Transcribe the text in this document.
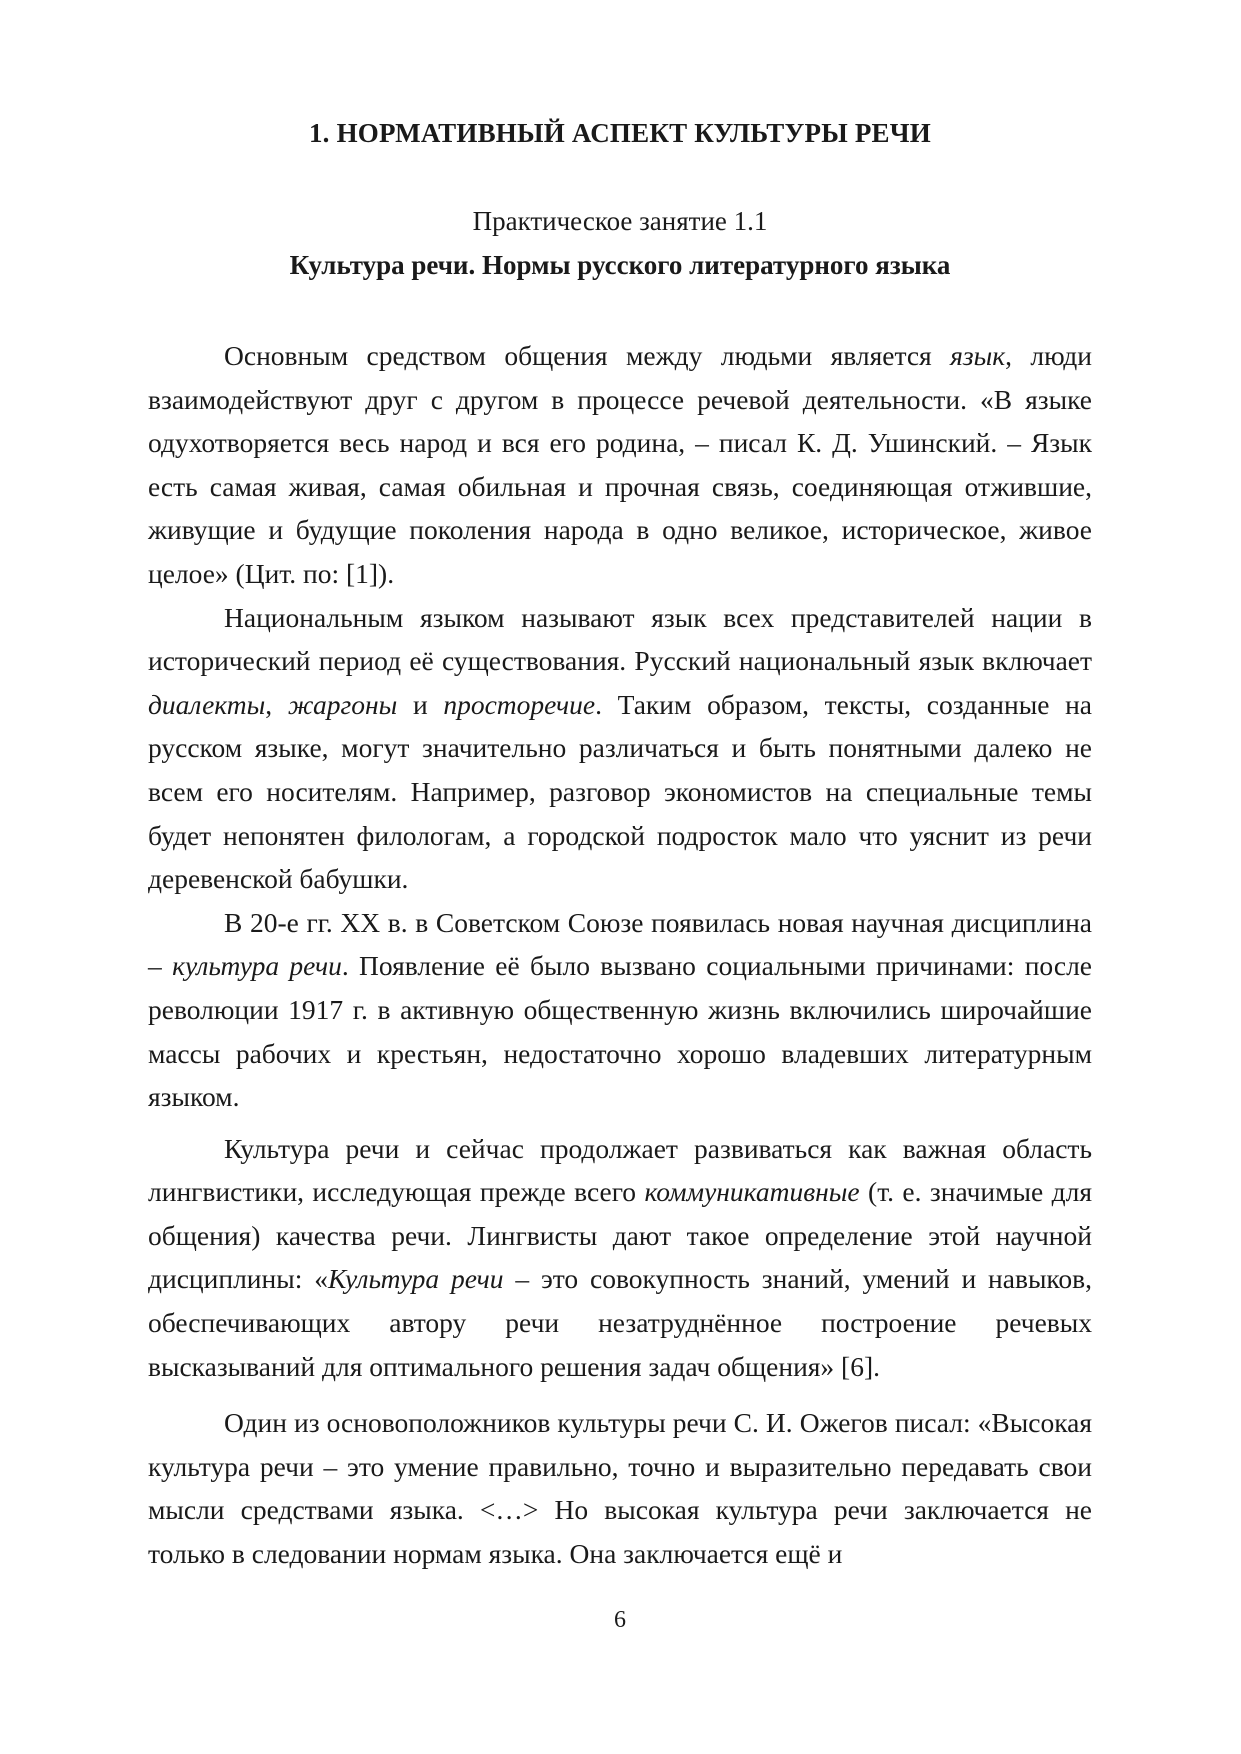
1. НОРМАТИВНЫЙ АСПЕКТ КУЛЬТУРЫ РЕЧИ
Практическое занятие 1.1
Культура речи. Нормы русского литературного языка

Основным средством общения между людьми является язык, люди взаимодействуют друг с другом в процессе речевой деятельности. «В языке одухотворяется весь народ и вся его родина, – писал К. Д. Ушинский. – Язык есть самая живая, самая обильная и прочная связь, соединяющая отжившие, живущие и будущие поколения народа в одно великое, историческое, живое целое» (Цит. по: [1]).

Национальным языком называют язык всех представителей нации в исторический период её существования. Русский национальный язык включает диалекты, жаргоны и просторечие. Таким образом, тексты, созданные на русском языке, могут значительно различаться и быть понятными далеко не всем его носителям. Например, разговор экономистов на специальные темы будет непонятен филологам, а городской подросток мало что уяснит из речи деревенской бабушки.

В 20-е гг. XX в. в Советском Союзе появилась новая научная дисциплина – культура речи. Появление её было вызвано социальными причинами: после революции 1917 г. в активную общественную жизнь включились широчайшие массы рабочих и крестьян, недостаточно хорошо владевших литературным языком.

Культура речи и сейчас продолжает развиваться как важная область лингвистики, исследующая прежде всего коммуникативные (т. е. значимые для общения) качества речи. Лингвисты дают такое определение этой научной дисциплины: «Культура речи – это совокупность знаний, умений и навыков, обеспечивающих автору речи незатруднённое построение речевых высказываний для оптимального решения задач общения» [6].

Один из основоположников культуры речи С. И. Ожегов писал: «Высокая культура речи – это умение правильно, точно и выразительно передавать свои мысли средствами языка. <…> Но высокая культура речи заключается не только в следовании нормам языка. Она заключается ещё и

6
